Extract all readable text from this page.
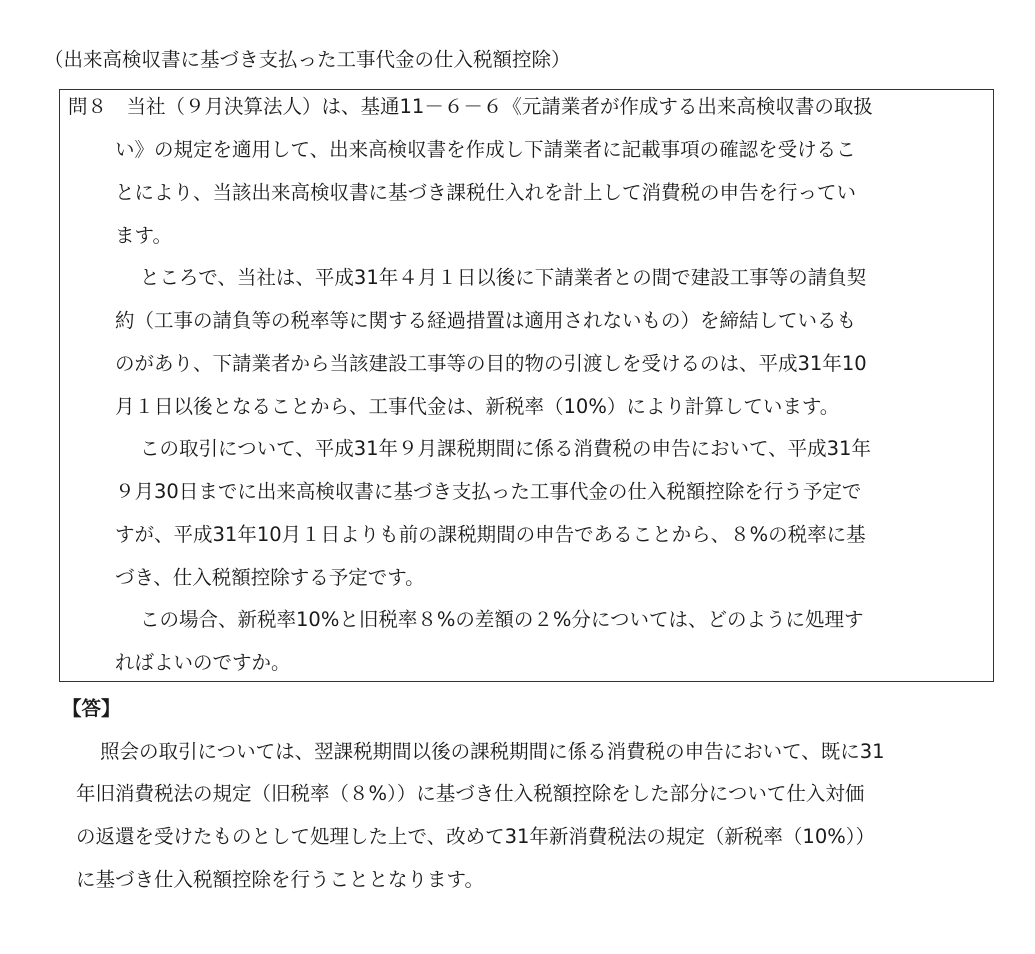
（出来高検収書に基づき支払った工事代金の仕入税額控除）
問８　当社（９月決算法人）は、基通11－６－６《元請業者が作成する出来高検収書の取扱
い》の規定を適用して、出来高検収書を作成し下請業者に記載事項の確認を受けるこ
とにより、当該出来高検収書に基づき課税仕入れを計上して消費税の申告を行ってい
ます。
ところで、当社は、平成31年４月１日以後に下請業者との間で建設工事等の請負契
約（工事の請負等の税率等に関する経過措置は適用されないもの）を締結しているも
のがあり、下請業者から当該建設工事等の目的物の引渡しを受けるのは、平成31年10
月１日以後となることから、工事代金は、新税率（10%）により計算しています。
この取引について、平成31年９月課税期間に係る消費税の申告において、平成31年
９月30日までに出来高検収書に基づき支払った工事代金の仕入税額控除を行う予定で
すが、平成31年10月１日よりも前の課税期間の申告であることから、８%の税率に基
づき、仕入税額控除する予定です。
この場合、新税率10%と旧税率８%の差額の２%分については、どのように処理す
ればよいのですか。
【答】
照会の取引については、翌課税期間以後の課税期間に係る消費税の申告において、既に31
年旧消費税法の規定（旧税率（８%））に基づき仕入税額控除をした部分について仕入対価
の返還を受けたものとして処理した上で、改めて31年新消費税法の規定（新税率（10%））
に基づき仕入税額控除を行うこととなります。
